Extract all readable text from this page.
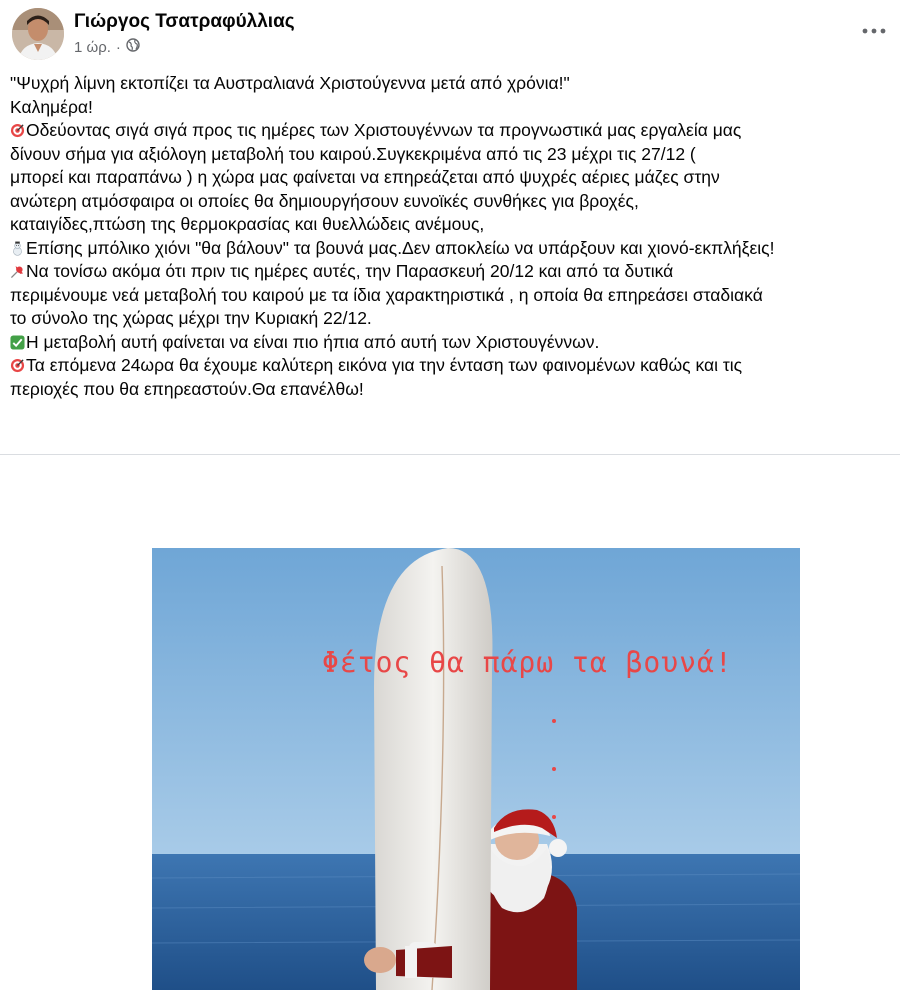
Γιώργος Τσατραφύλλιας
1 ώρ. ·
"Ψυχρή λίμνη εκτοπίζει τα Αυστραλιανά Χριστούγεννα μετά από χρόνια!"
Καλημέρα!
Οδεύοντας σιγά σιγά προς τις ημέρες των Χριστουγέννων τα προγνωστικά μας εργαλεία μας
δίνουν σήμα για αξιόλογη μεταβολή του καιρού.Συγκεκριμένα από τις 23 μέχρι τις 27/12 (
μπορεί και παραπάνω ) η χώρα μας φαίνεται να επηρεάζεται από ψυχρές αέριες μάζες στην
ανώτερη ατμόσφαιρα οι οποίες θα δημιουργήσουν ευνοϊκές συνθήκες για βροχές,
καταιγίδες,πτώση της θερμοκρασίας και θυελλώδεις ανέμους,
Επίσης μπόλικο χιόνι "θα βάλουν" τα βουνά μας.Δεν αποκλείω να υπάρξουν και χιονό-εκπλήξεις!
Να τονίσω ακόμα ότι πριν τις ημέρες αυτές, την Παρασκευή 20/12 και από τα δυτικά
περιμένουμε νεά μεταβολή του καιρού με τα ίδια χαρακτηριστικά , η οποία θα επηρεάσει σταδιακά
το σύνολο της χώρας μέχρι την Κυριακή 22/12.
Η μεταβολή αυτή φαίνεται να είναι πιο ήπια από αυτή των Χριστουγέννων.
Τα επόμενα 24ωρα θα έχουμε καλύτερη εικόνα για την ένταση των φαινομένων καθώς και τις
περιοχές που θα επηρεαστούν.Θα επανέλθω!
Φέτος θα πάρω τα βουνά!
